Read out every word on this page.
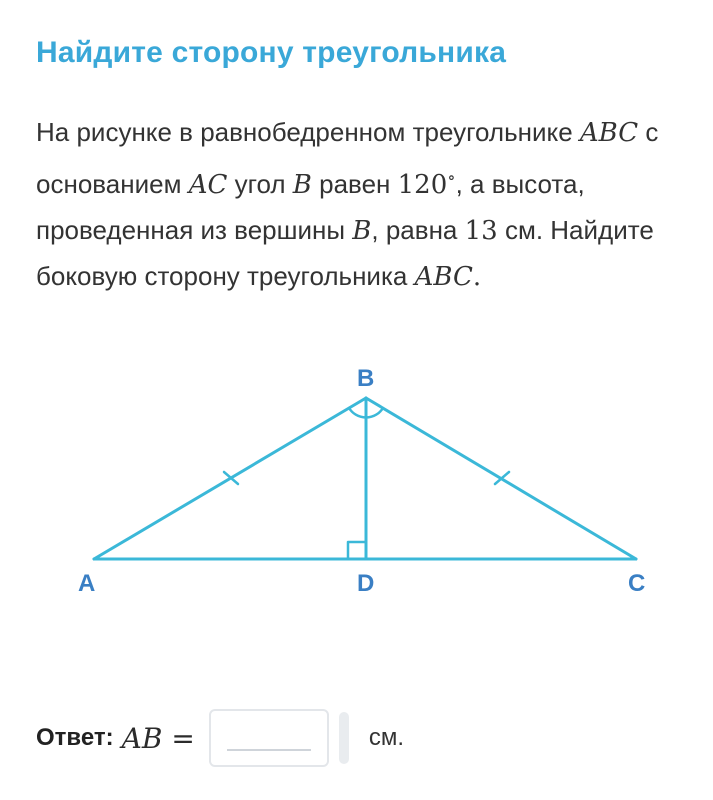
Найдите сторону треугольника
На рисунке в равнобедренном треугольнике ABC с основанием AC угол B равен 120∘, а высота, проведенная из вершины B, равна 13 см. Найдите боковую сторону треугольника ABC.
B
A	D	C
Ответ: AB =	см.
